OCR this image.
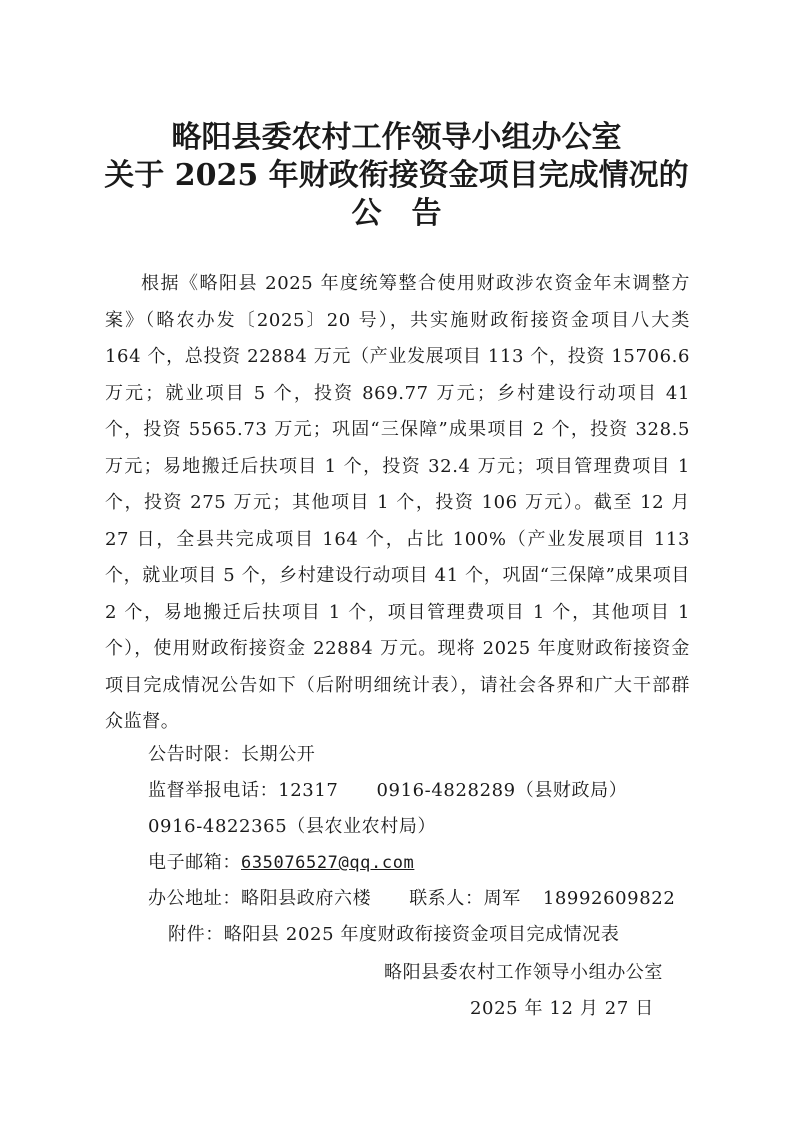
略阳县委农村工作领导小组办公室
关于 2025 年财政衔接资金项目完成情况的
公告
根据《略阳县 2025 年度统筹整合使用财政涉农资金年末调整方案》（略农办发〔2025〕20 号），共实施财政衔接资金项目八大类 164 个，总投资 22884 万元（产业发展项目 113 个，投资 15706.6 万元；就业项目 5 个，投资 869.77 万元；乡村建设行动项目 41 个，投资 5565.73 万元；巩固“三保障”成果项目 2 个，投资 328.5 万元；易地搬迁后扶项目 1 个，投资 32.4 万元；项目管理费项目 1 个，投资 275 万元；其他项目 1 个，投资 106 万元）。截至 12 月 27 日，全县共完成项目 164 个，占比 100%（产业发展项目 113 个，就业项目 5 个，乡村建设行动项目 41 个，巩固“三保障”成果项目 2 个，易地搬迁后扶项目 1 个，项目管理费项目 1 个，其他项目 1 个），使用财政衔接资金 22884 万元。现将 2025 年度财政衔接资金项目完成情况公告如下（后附明细统计表），请社会各界和广大干部群众监督。
公告时限：长期公开
监督举报电话：12317 0916-4828289（县财政局）
0916-4822365（县农业农村局）
电子邮箱：635076527@qq.com
办公地址：略阳县政府六楼 联系人：周军 18992609822
附件：略阳县 2025 年度财政衔接资金项目完成情况表
略阳县委农村工作领导小组办公室
2025 年 12 月 27 日
